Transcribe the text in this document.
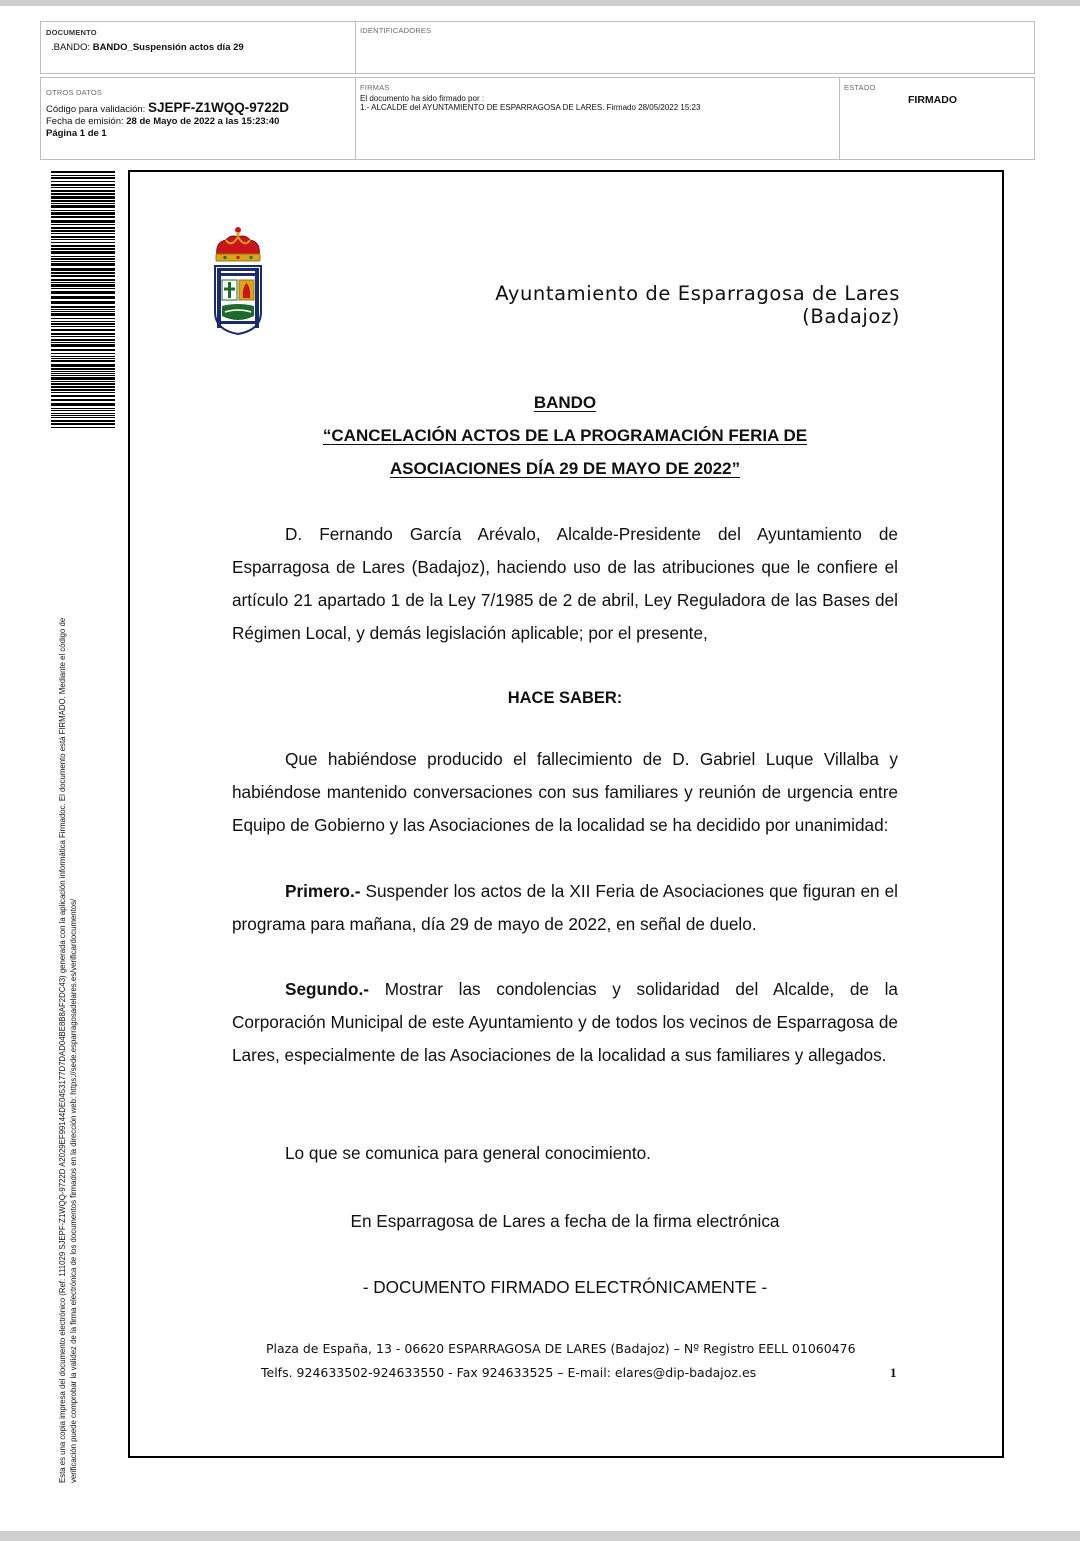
DOCUMENTO
.BANDO: BANDO_Suspensión actos día 29
IDENTIFICADORES
OTROS DATOS
Código para validación: SJEPF-Z1WQQ-9722D
Fecha de emisión: 28 de Mayo de 2022 a las 15:23:40
Página 1 de 1
FIRMAS
El documento ha sido firmado por :
1.- ALCALDE del AYUNTAMIENTO DE ESPARRAGOSA DE LARES. Firmado 28/05/2022 15:23
ESTADO
FIRMADO
Esta es una copia impresa del documento electrónico (Ref: 111029 SJEPF-Z1WQQ-9722D A2029EF99144DE0453177D7DAD04BE8B8AF2DC43) generada con la aplicación informática Firmadoc. El documento está FIRMADO. Mediante el código de verificación puede comprobar la validez de la firma electrónica de los documentos firmados en la dirección web: https://sede.esparragosadelares.es/verificardocumentos/
Ayuntamiento de Esparragosa de Lares (Badajoz)
BANDO
“CANCELACIÓN ACTOS DE LA PROGRAMACIÓN FERIA DE
ASOCIACIONES DÍA 29 DE MAYO DE 2022”
D. Fernando García Arévalo, Alcalde-Presidente del Ayuntamiento de Esparragosa de Lares (Badajoz), haciendo uso de las atribuciones que le confiere el artículo 21 apartado 1 de la Ley 7/1985 de 2 de abril, Ley Reguladora de las Bases del Régimen Local, y demás legislación aplicable; por el presente,
HACE SABER:
Que habiéndose producido el fallecimiento de D. Gabriel Luque Villalba y habiéndose mantenido conversaciones con sus familiares y reunión de urgencia entre Equipo de Gobierno y las Asociaciones de la localidad se ha decidido por unanimidad:
Primero.- Suspender los actos de la XII Feria de Asociaciones que figuran en el programa para mañana, día 29 de mayo de 2022, en señal de duelo.
Segundo.- Mostrar las condolencias y solidaridad del Alcalde, de la Corporación Municipal de este Ayuntamiento y de todos los vecinos de Esparragosa de Lares, especialmente de las Asociaciones de la localidad a sus familiares y allegados.
Lo que se comunica para general conocimiento.
En Esparragosa de Lares a fecha de la firma electrónica
- DOCUMENTO FIRMADO ELECTRÓNICAMENTE -
Plaza de España, 13 - 06620 ESPARRAGOSA DE LARES (Badajoz) – Nº Registro EELL 01060476
Telfs. 924633502-924633550 - Fax 924633525 – E-mail: elares@dip-badajoz.es	1
